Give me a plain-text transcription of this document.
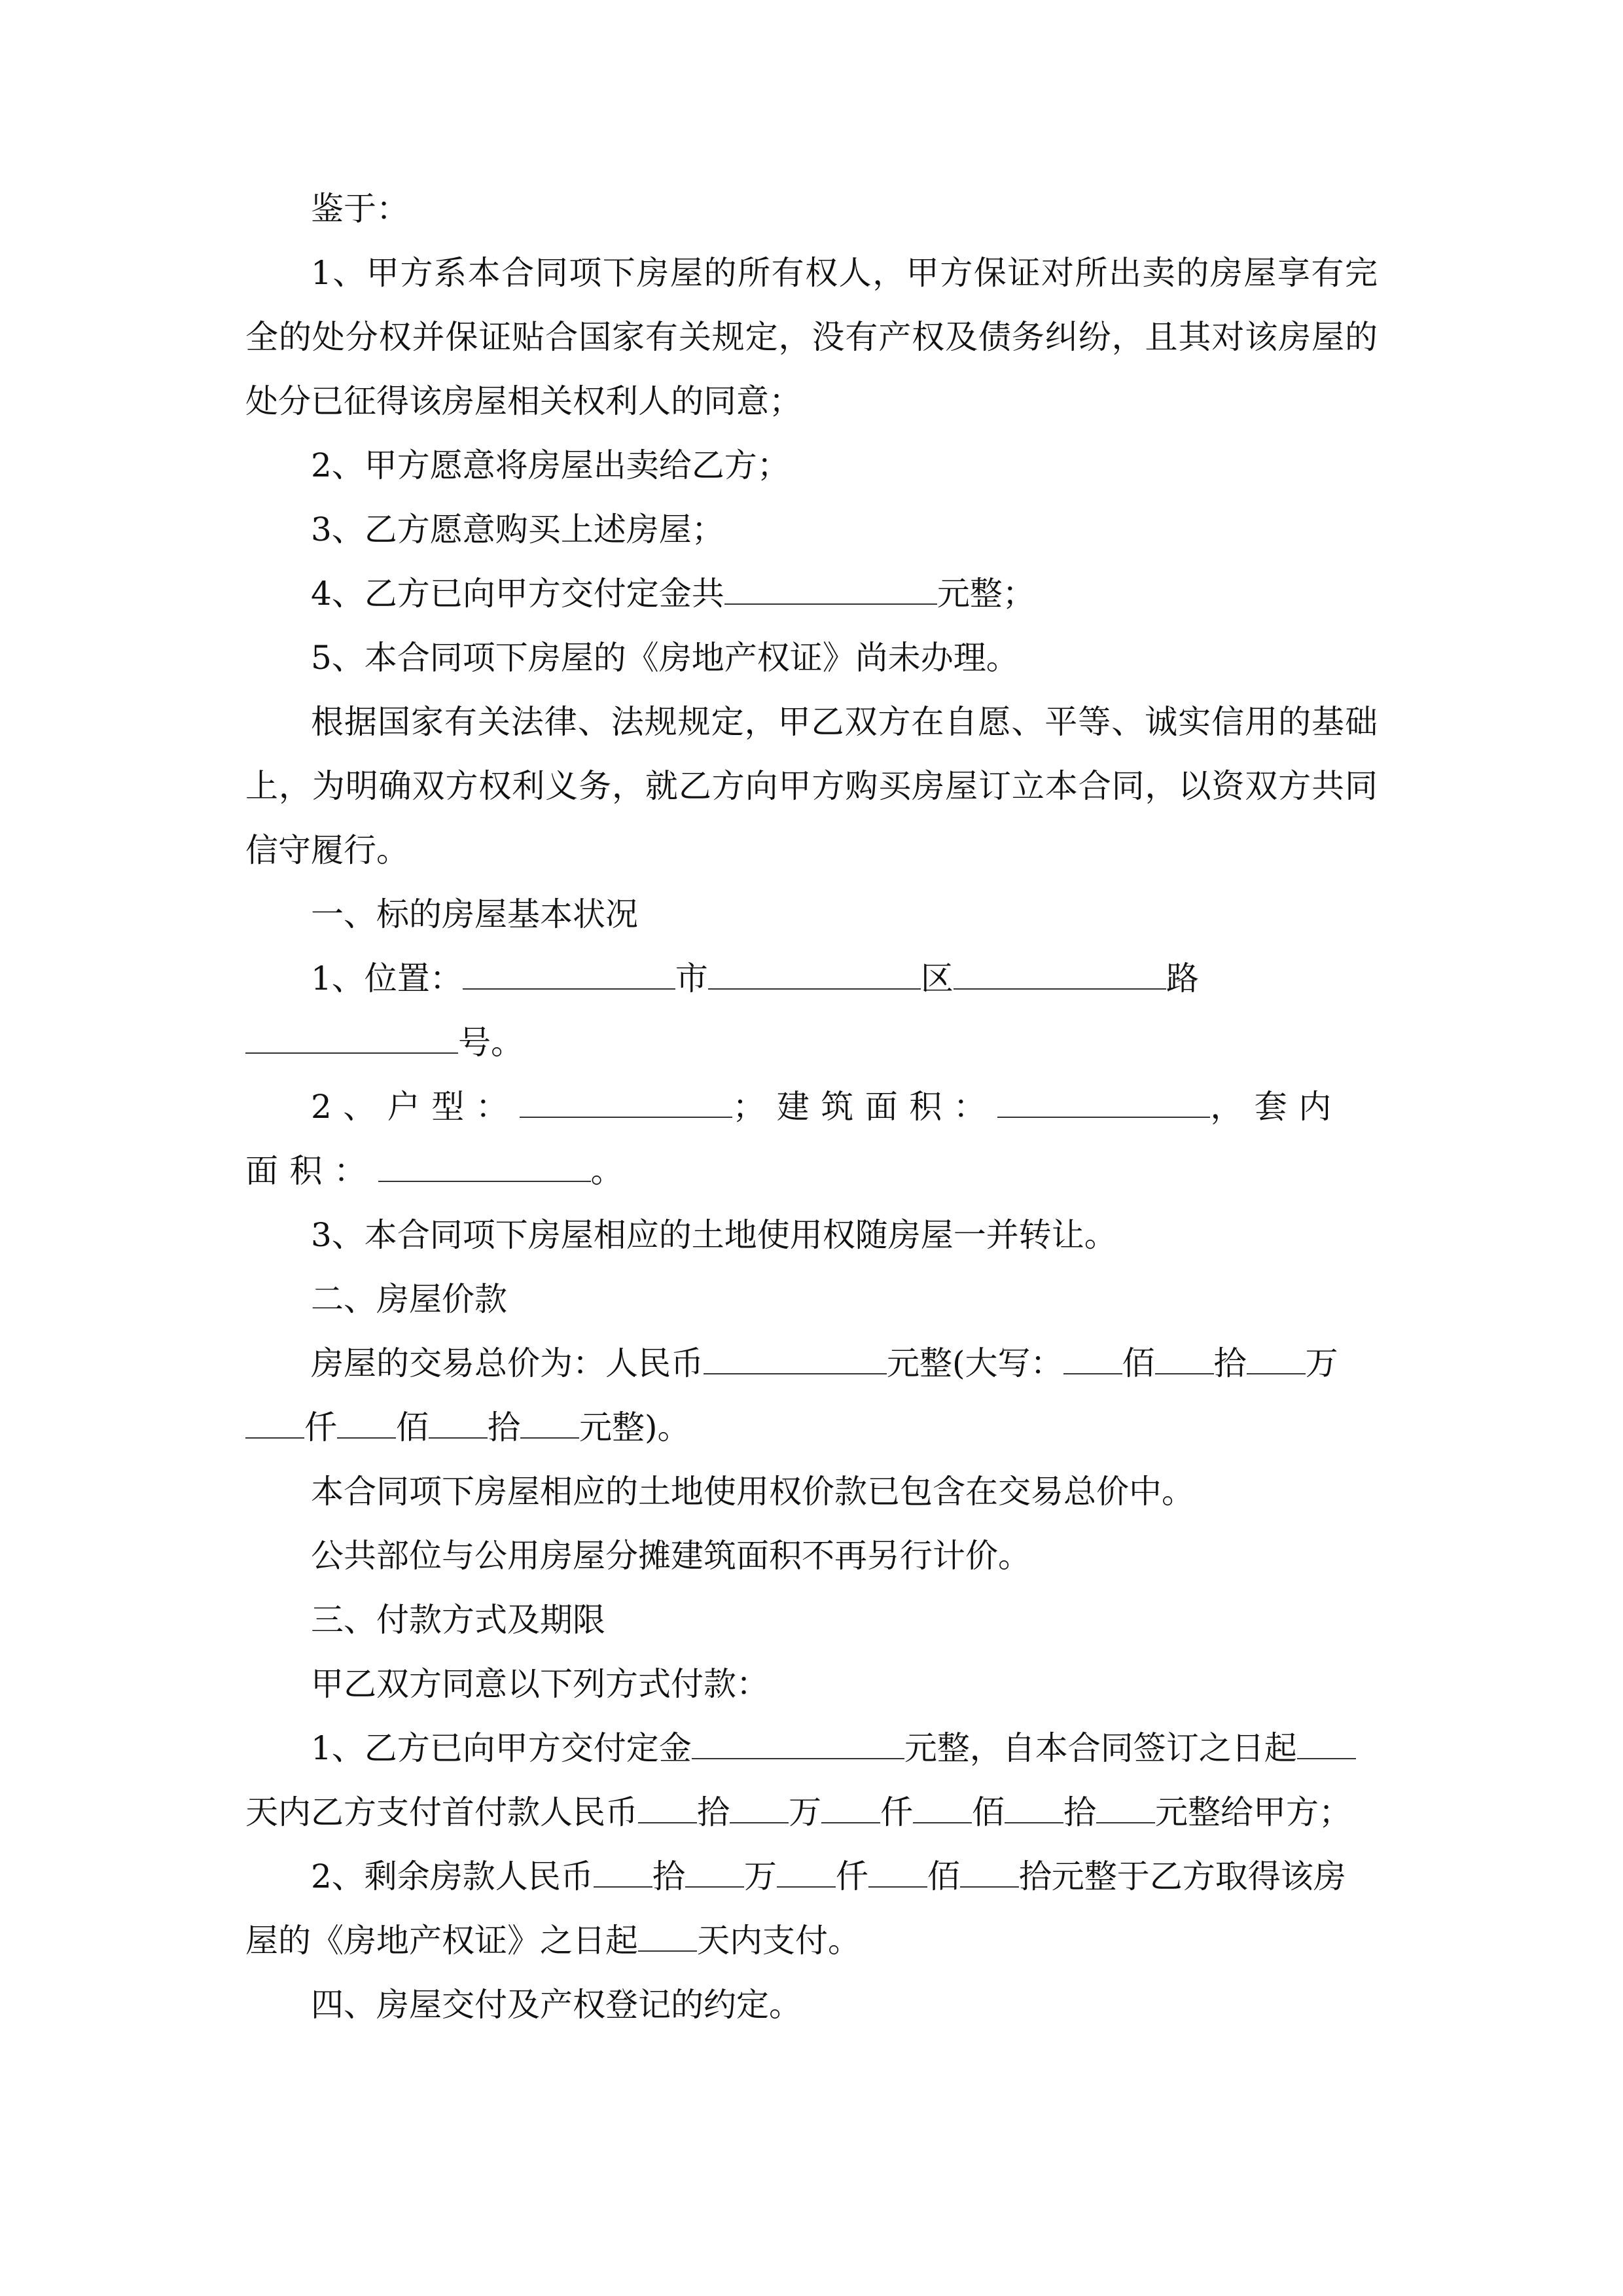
鉴于：

1、甲方系本合同项下房屋的所有权人，甲方保证对所出卖的房屋享有完全的处分权并保证贴合国家有关规定，没有产权及债务纠纷，且其对该房屋的处分已征得该房屋相关权利人的同意；

2、甲方愿意将房屋出卖给乙方；

3、乙方愿意购买上述房屋；

4、乙方已向甲方交付定金共	元整；

5、本合同项下房屋的《房地产权证》尚未办理。

根据国家有关法律、法规规定，甲乙双方在自愿、平等、诚实信用的基础上，为明确双方权利义务，就乙方向甲方购买房屋订立本合同，以资双方共同信守履行。

一、标的房屋基本状况

1、位置：	市	区	路号。

2、户型：	；建筑面积：	，套内面积：	。

3、本合同项下房屋相应的土地使用权随房屋一并转让。

二、房屋价款

房屋的交易总价为：人民币	元整(大写： 佰 拾 万仟 佰 拾 元整)。

本合同项下房屋相应的土地使用权价款已包含在交易总价中。

公共部位与公用房屋分摊建筑面积不再另行计价。

三、付款方式及期限

甲乙双方同意以下列方式付款：

1、乙方已向甲方交付定金	元整，自本合同签订之日起天内乙方支付首付款人民币 拾 万 仟 佰 拾 元整给甲方；

2、剩余房款人民币 拾 万 仟 佰 拾元整于乙方取得该房屋的《房地产权证》之日起 天内支付。

四、房屋交付及产权登记的约定。
